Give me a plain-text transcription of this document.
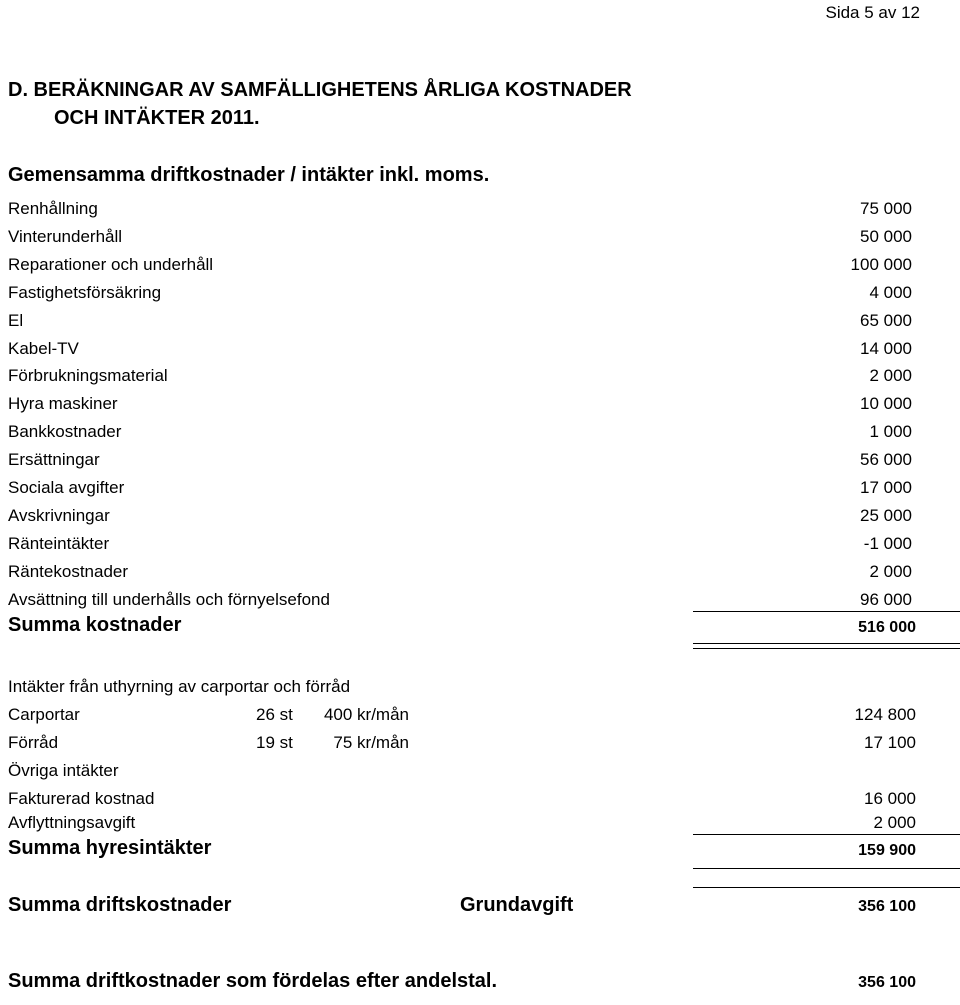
Sida 5 av 12
D. BERÄKNINGAR AV SAMFÄLLIGHETENS ÅRLIGA KOSTNADER
OCH INTÄKTER 2011.
Gemensamma driftkostnader / intäkter inkl. moms.
Renhållning	75 000
Vinterunderhåll	50 000
Reparationer och underhåll	100 000
Fastighetsförsäkring	4 000
El	65 000
Kabel-TV	14 000
Förbrukningsmaterial	2 000
Hyra maskiner	10 000
Bankkostnader	1 000
Ersättningar	56 000
Sociala avgifter	17 000
Avskrivningar	25 000
Ränteintäkter	-1 000
Räntekostnader	2 000
Avsättning till underhålls och förnyelsefond	96 000
Summa kostnader	516 000
Intäkter från uthyrning av carportar och förråd
Carportar	26 st 400 kr/mån	124 800
Förråd	19 st 75 kr/mån	17 100
Övriga intäkter
Fakturerad kostnad	16 000
Avflyttningsavgift	2 000
Summa hyresintäkter	159 900
Summa driftskostnader	Grundavgift	356 100
Summa driftkostnader som fördelas efter andelstal.	356 100
